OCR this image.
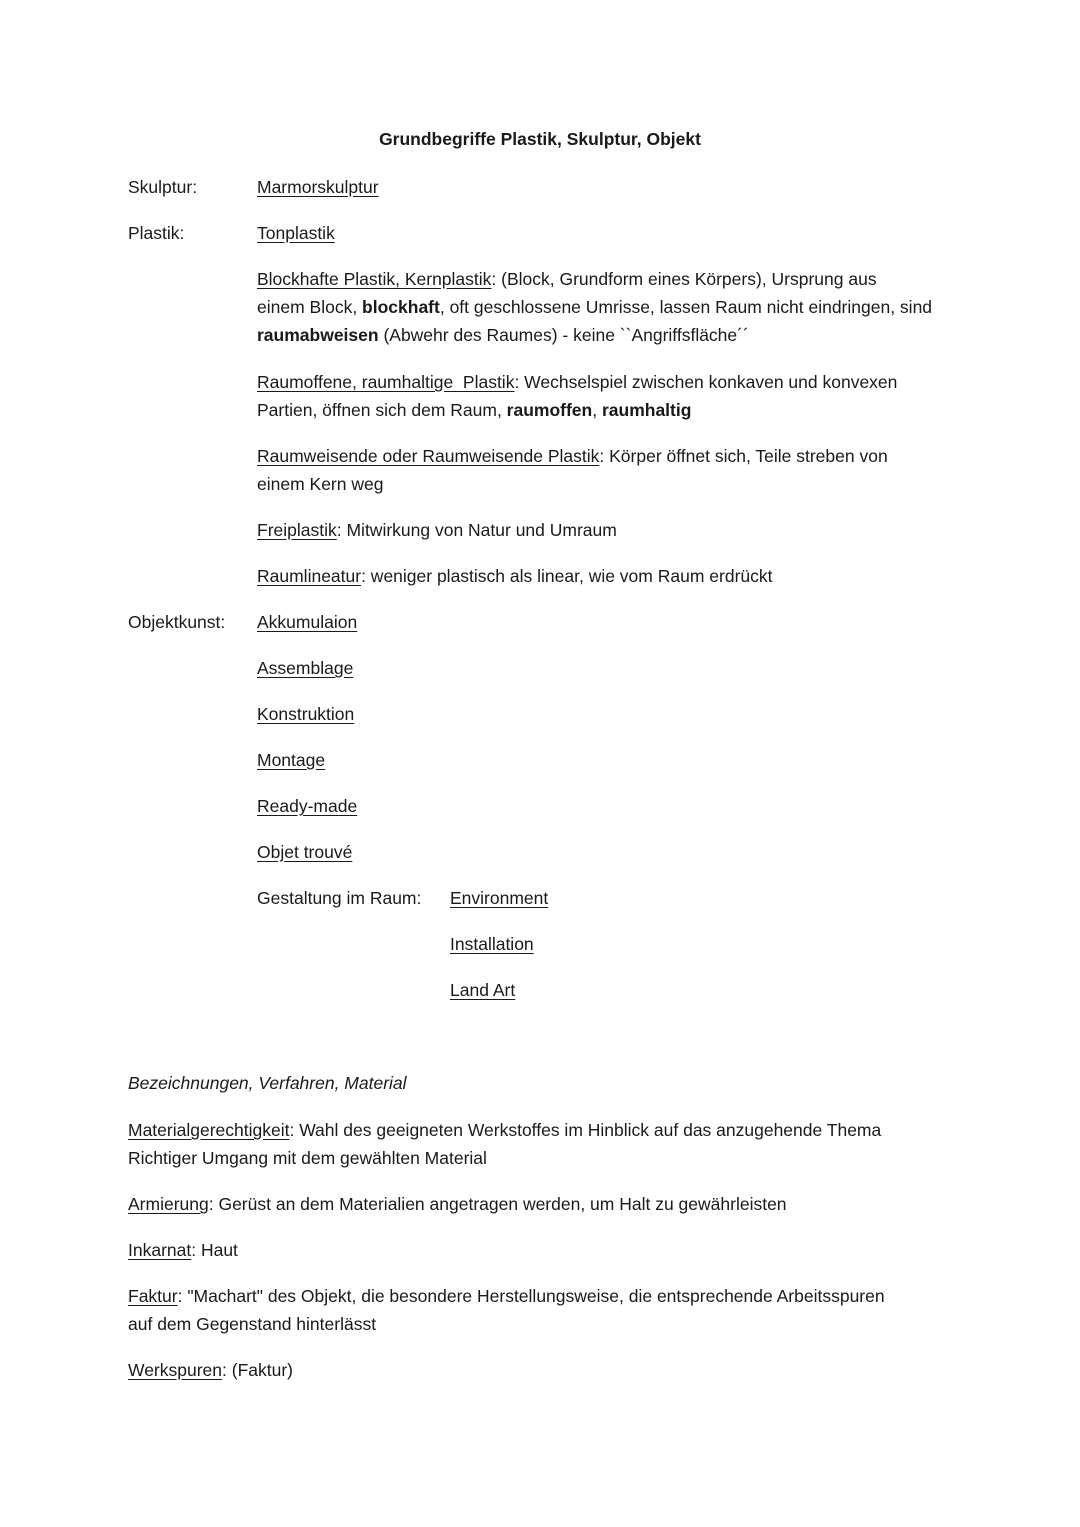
Grundbegriffe Plastik, Skulptur, Objekt
Skulptur:	Marmorskulptur
Plastik:	Tonplastik
Blockhafte Plastik, Kernplastik: (Block, Grundform eines Körpers), Ursprung aus
einem Block, blockhaft, oft geschlossene Umrisse, lassen Raum nicht eindringen, sind
raumabweisen (Abwehr des Raumes) - keine ``Angriffsfläche´´
Raumoffene, raumhaltige  Plastik: Wechselspiel zwischen konkaven und konvexen
Partien, öffnen sich dem Raum, raumoffen, raumhaltig
Raumweisende oder Raumweisende Plastik: Körper öffnet sich, Teile streben von
einem Kern weg
Freiplastik: Mitwirkung von Natur und Umraum
Raumlineatur: weniger plastisch als linear, wie vom Raum erdrückt
Objektkunst: Akkumulaion
Assemblage
Konstruktion
Montage
Ready-made
Objet trouvé
Gestaltung im Raum: Environment
Installation
Land Art
Bezeichnungen, Verfahren, Material
Materialgerechtigkeit: Wahl des geeigneten Werkstoffes im Hinblick auf das anzugehende Thema
Richtiger Umgang mit dem gewählten Material
Armierung: Gerüst an dem Materialien angetragen werden, um Halt zu gewährleisten
Inkarnat: Haut
Faktur: "Machart" des Objekt, die besondere Herstellungsweise, die entsprechende Arbeitsspuren
auf dem Gegenstand hinterlässt
Werkspuren: (Faktur)
